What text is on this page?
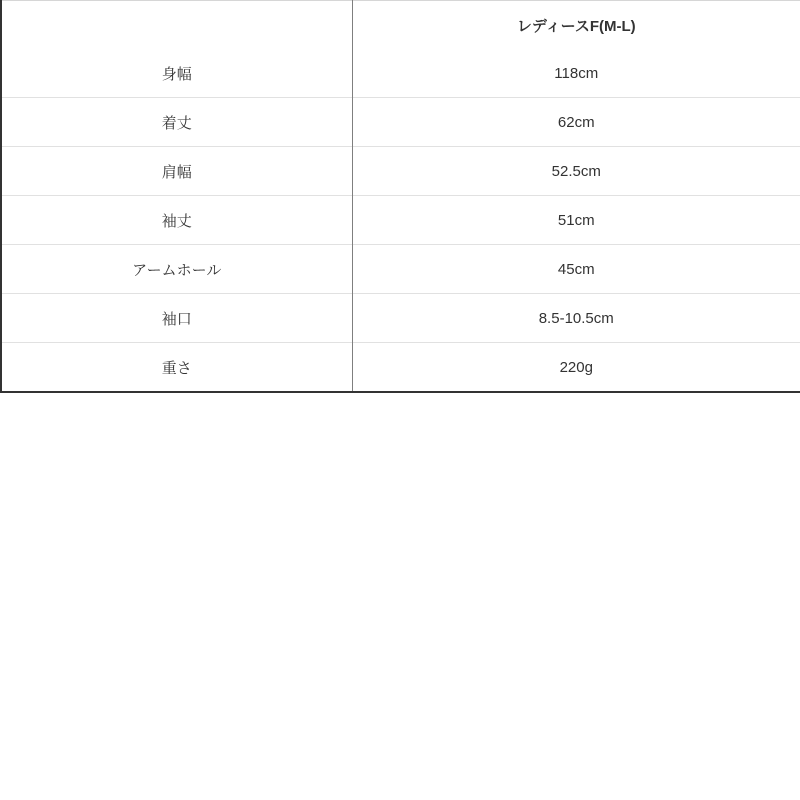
	レディースF(M-L)
身幅	118cm
着丈	62cm
肩幅	52.5cm
袖丈	51cm
アームホール	45cm
袖口	8.5-10.5cm
重さ	220g
